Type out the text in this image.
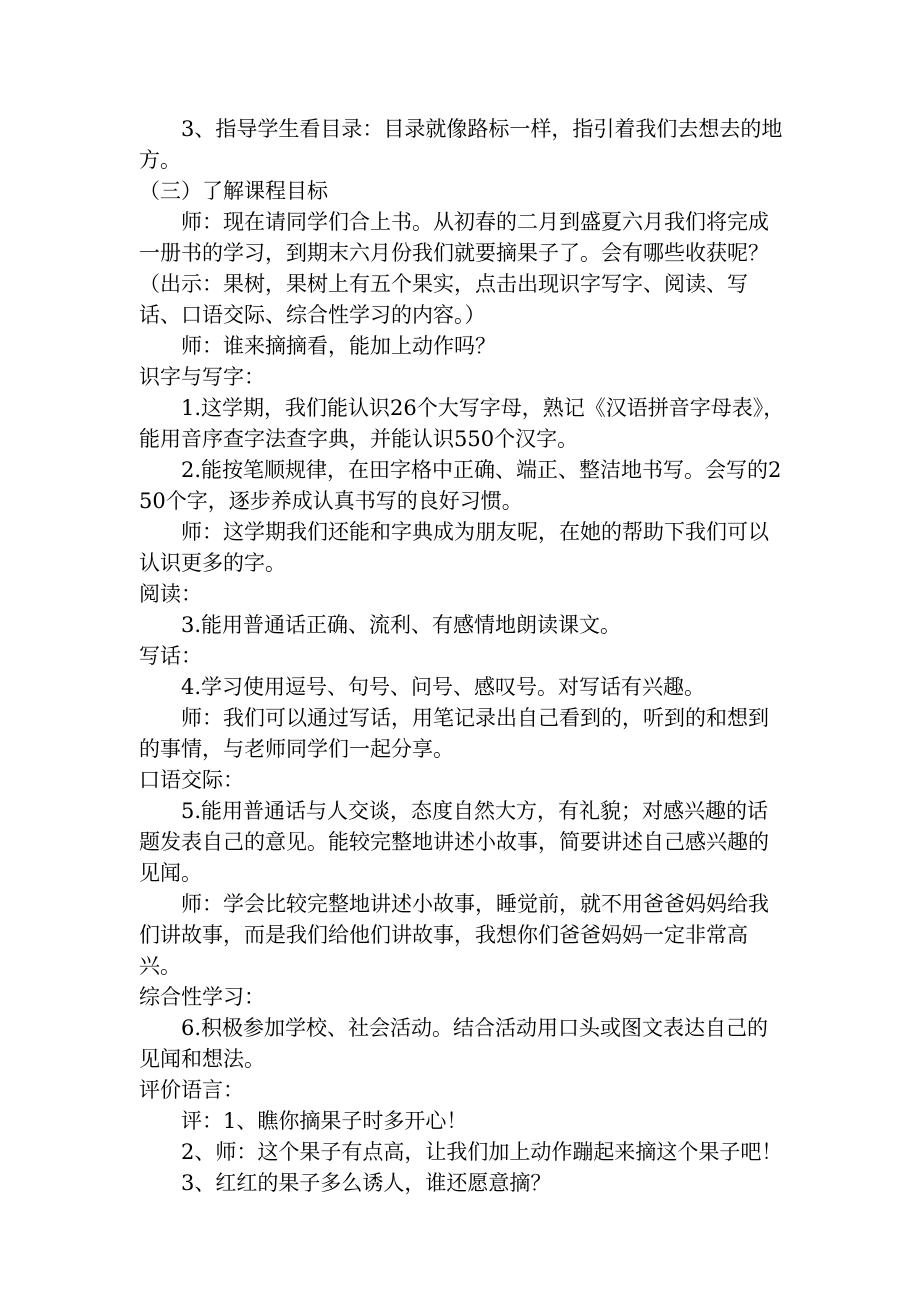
3、指导学生看目录：目录就像路标一样，指引着我们去想去的地方。

（三）了解课程目标

师：现在请同学们合上书。从初春的二月到盛夏六月我们将完成一册书的学习，到期末六月份我们就要摘果子了。会有哪些收获呢？（出示：果树，果树上有五个果实，点击出现识字写字、阅读、写话、口语交际、综合性学习的内容。）

师：谁来摘摘看，能加上动作吗？

识字与写字：

1.这学期，我们能认识26个大写字母，熟记《汉语拼音字母表》，能用音序查字法查字典，并能认识550个汉字。

2.能按笔顺规律，在田字格中正确、端正、整洁地书写。会写的250个字，逐步养成认真书写的良好习惯。

师：这学期我们还能和字典成为朋友呢，在她的帮助下我们可以认识更多的字。

阅读：

3.能用普通话正确、流利、有感情地朗读课文。

写话：

4.学习使用逗号、句号、问号、感叹号。对写话有兴趣。

师：我们可以通过写话，用笔记录出自己看到的，听到的和想到的事情，与老师同学们一起分享。

口语交际：

5.能用普通话与人交谈，态度自然大方，有礼貌；对感兴趣的话题发表自己的意见。能较完整地讲述小故事，简要讲述自己感兴趣的见闻。

师：学会比较完整地讲述小故事，睡觉前，就不用爸爸妈妈给我们讲故事，而是我们给他们讲故事，我想你们爸爸妈妈一定非常高兴。

综合性学习：

6.积极参加学校、社会活动。结合活动用口头或图文表达自己的见闻和想法。

评价语言：

评：1、瞧你摘果子时多开心！

2、师：这个果子有点高，让我们加上动作蹦起来摘这个果子吧！

3、红红的果子多么诱人，谁还愿意摘？
